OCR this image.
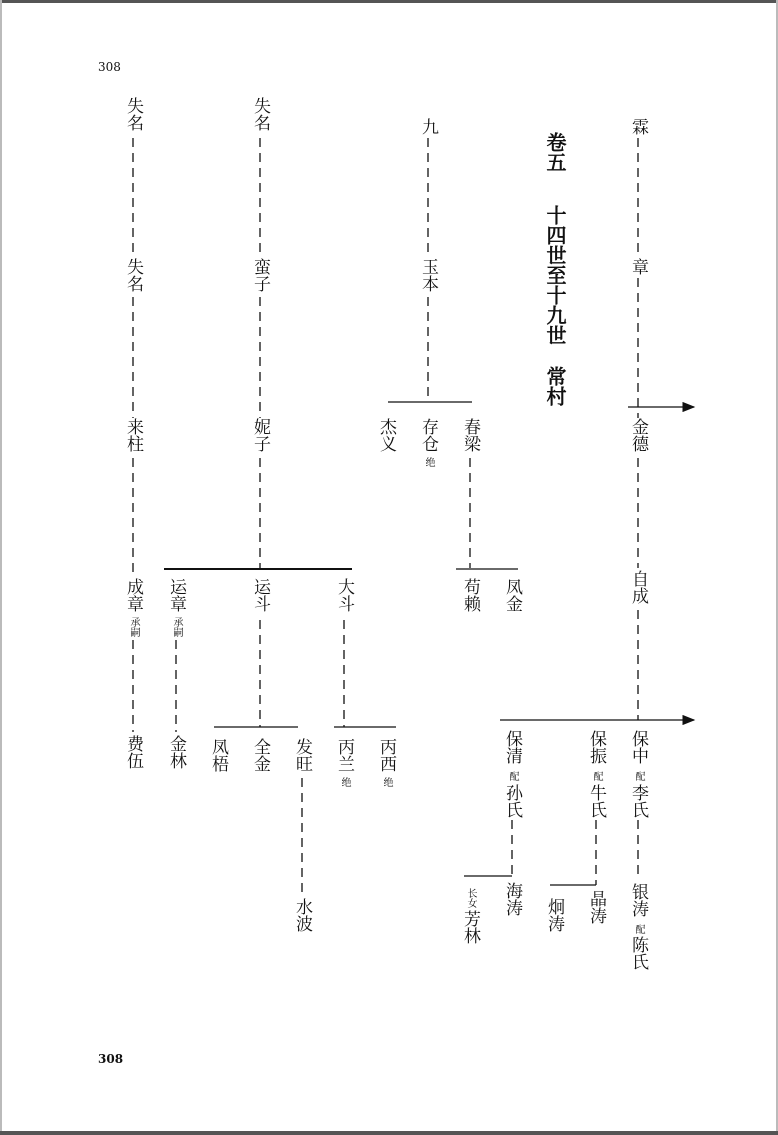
308
308
卷五
十四世至十九世
常村
失名
失名
来柱
成章
承嗣
费伍
失名
蛮子
妮子
运章
承嗣
金林
运斗	大斗
凤梧 全金 发旺
水波
丙兰
绝
丙西
绝
九
玉本
杰义 存仓
绝
春梁
苟赖 凤金
霖
章
金德
自成
保中
配
李氏
保振
配
牛氏
保清
配
孙氏
银涛
配
陈氏
晶涛
炯涛
海涛
长女
芳林
